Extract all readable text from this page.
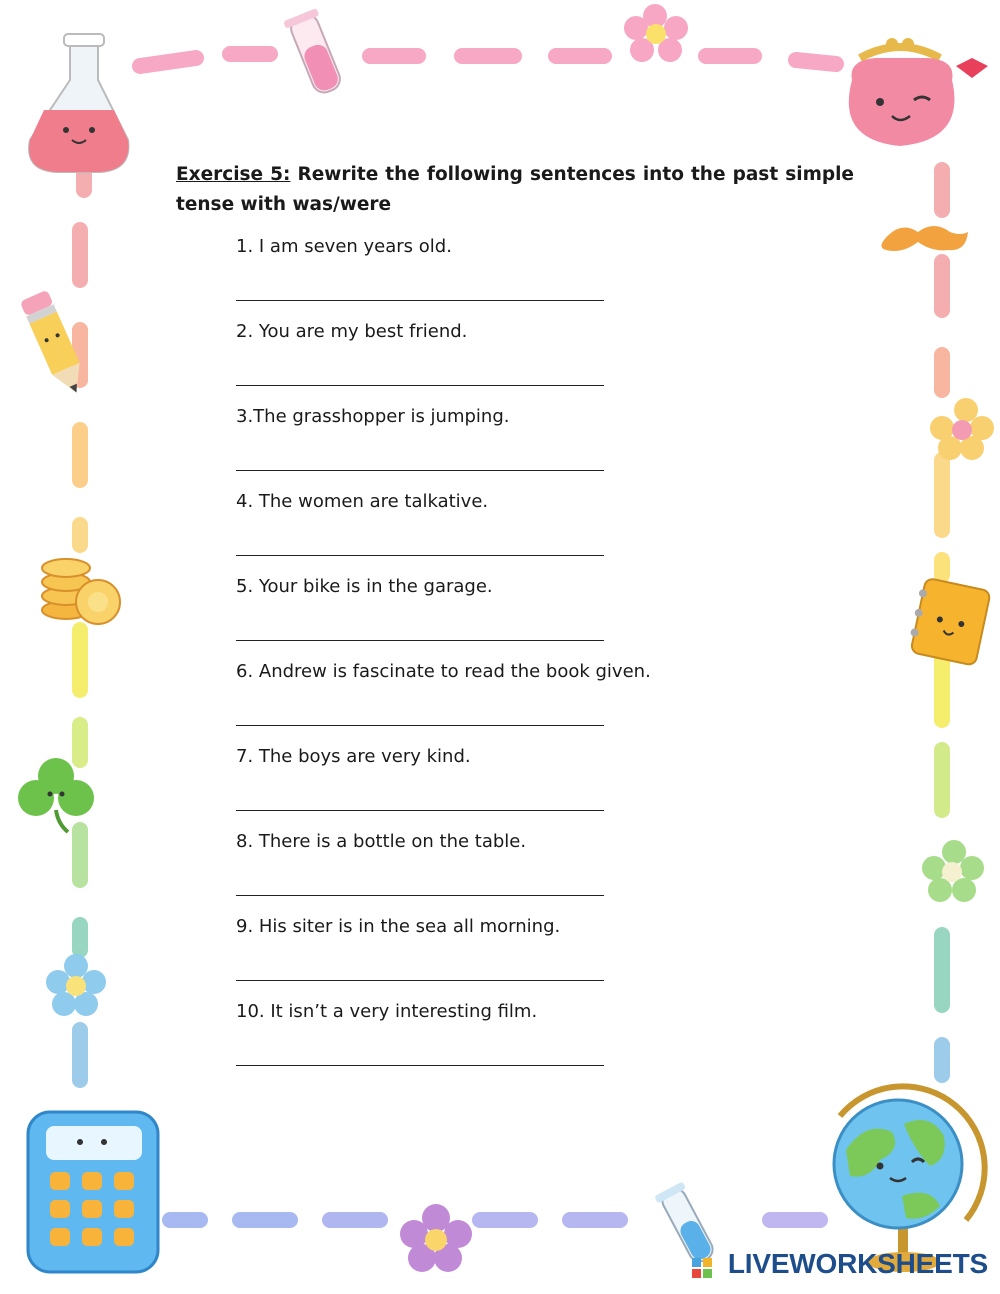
Exercise 5: Rewrite the following sentences into the past simple tense with was/were
1. I am seven years old.
2. You are my best friend.
3.The grasshopper is jumping.
4. The women are talkative.
5. Your bike is in the garage.
6. Andrew is fascinate to read the book given.
7. The boys are very kind.
8. There is a bottle on the table.
9. His siter is in the sea all morning.
10. It isn’t a very interesting film.
LIVEWORKSHEETS
